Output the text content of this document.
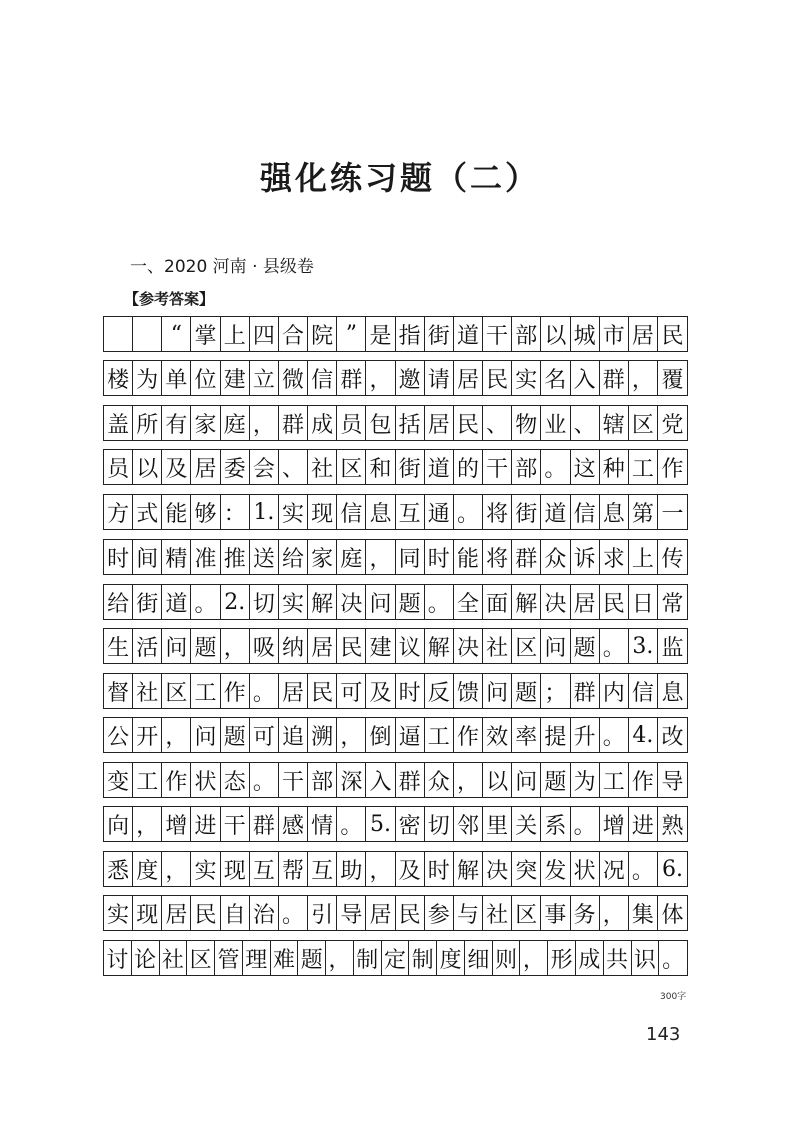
强化练习题（二）
一、2020 河南 · 县级卷
【参考答案】
“ 掌 上 四 合 院 ” 是 指 街 道 干 部 以 城 市 居 民
楼 为 单 位 建 立 微 信 群 ， 邀 请 居 民 实 名 入 群 ， 覆
盖 所 有 家 庭 ， 群 成 员 包 括 居 民 、 物 业 、 辖 区 党
员 以 及 居 委 会 、 社 区 和 街 道 的 干 部 。 这 种 工 作
方 式 能 够 ： 1. 实 现 信 息 互 通 。 将 街 道 信 息 第 一
时 间 精 准 推 送 给 家 庭 ， 同 时 能 将 群 众 诉 求 上 传
给 街 道 。 2. 切 实 解 决 问 题 。 全 面 解 决 居 民 日 常
生 活 问 题 ， 吸 纳 居 民 建 议 解 决 社 区 问 题 。 3. 监
督 社 区 工 作 。 居 民 可 及 时 反 馈 问 题 ； 群 内 信 息
公 开 ， 问 题 可 追 溯 ， 倒 逼 工 作 效 率 提 升 。 4. 改
变 工 作 状 态 。 干 部 深 入 群 众 ， 以 问 题 为 工 作 导
向 ， 增 进 干 群 感 情 。 5. 密 切 邻 里 关 系 。 增 进 熟
悉 度 ， 实 现 互 帮 互 助 ， 及 时 解 决 突 发 状 况 。 6.
实 现 居 民 自 治 。 引 导 居 民 参 与 社 区 事 务 ， 集 体
讨 论 社 区 管 理 难 题 ， 制 定 制 度 细 则 ， 形 成 共 识 。
300字
143
